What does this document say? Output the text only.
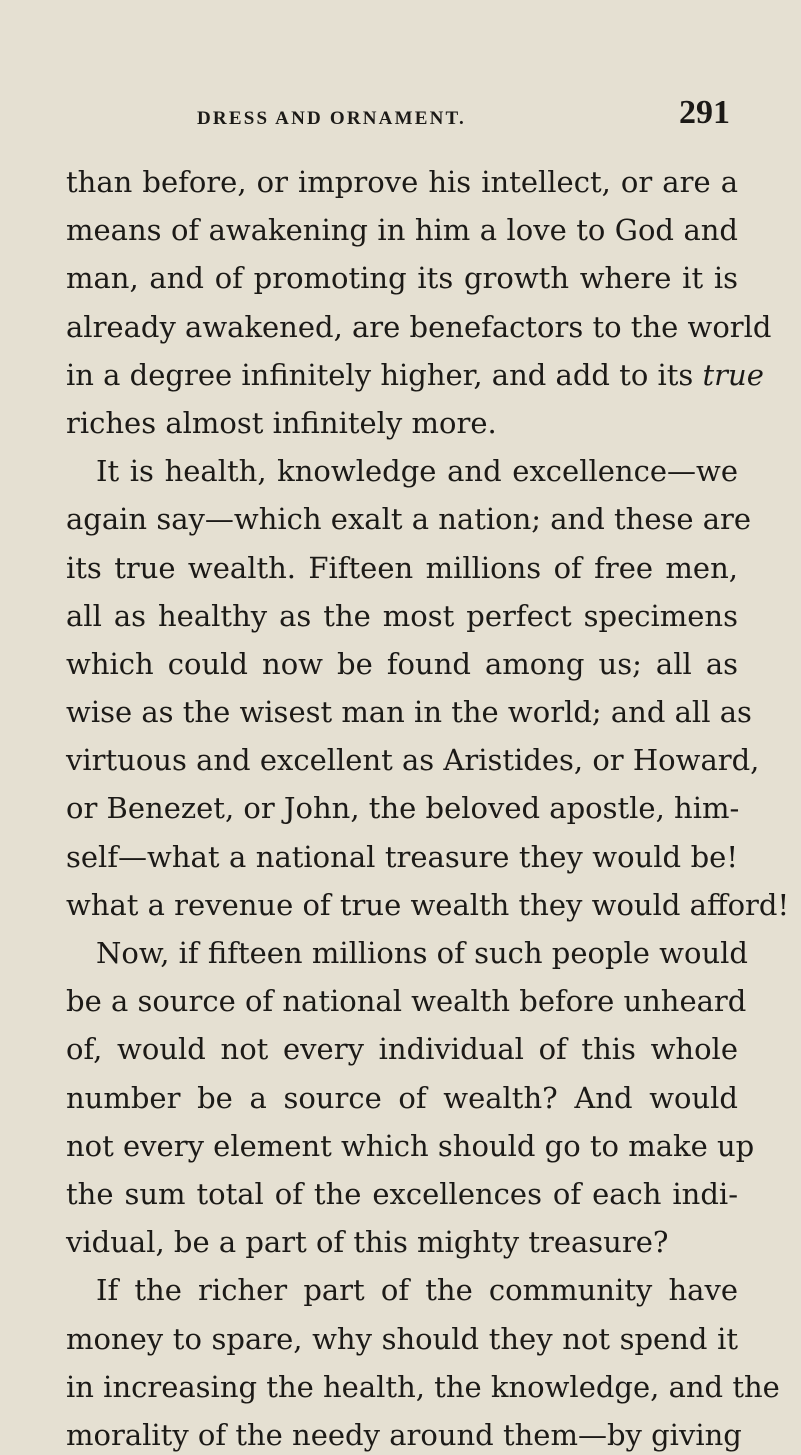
DRESS AND ORNAMENT.	291
than before, or improve his intellect, or are a
means of awakening in him a love to God and
man, and of promoting its growth where it is
already awakened, are benefactors to the world
in a degree infinitely higher, and add to its true
riches almost infinitely more.
It is health, knowledge and excellence—we
again say—which exalt a nation; and these are
its true wealth. Fifteen millions of free men,
all as healthy as the most perfect specimens
which could now be found among us; all as
wise as the wisest man in the world; and all as
virtuous and excellent as Aristides, or Howard,
or Benezet, or John, the beloved apostle, him-
self—what a national treasure they would be!
what a revenue of true wealth they would afford!
Now, if fifteen millions of such people would
be a source of national wealth before unheard
of, would not every individual of this whole
number be a source of wealth? And would
not every element which should go to make up
the sum total of the excellences of each indi-
vidual, be a part of this mighty treasure?
If the richer part of the community have
money to spare, why should they not spend it
in increasing the health, the knowledge, and the
morality of the needy around them—by giving
